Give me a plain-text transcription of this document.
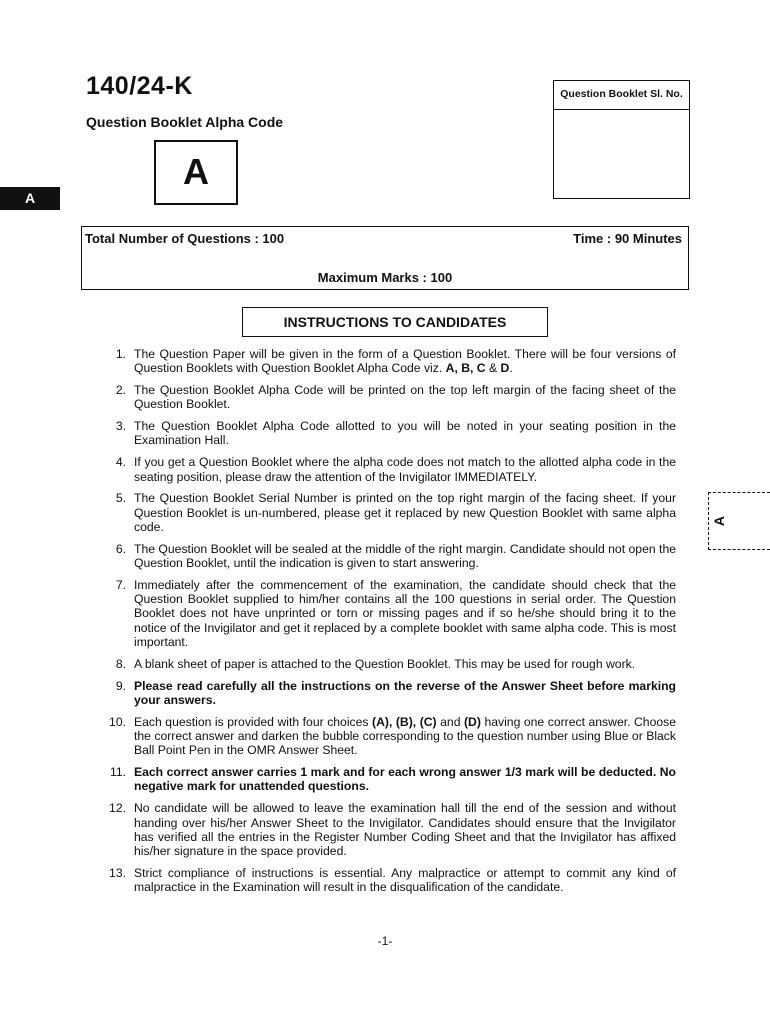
140/24-K
Question Booklet Alpha Code
A
A
Question Booklet Sl. No.
Total Number of Questions : 100	Time : 90 Minutes
Maximum Marks : 100
INSTRUCTIONS TO CANDIDATES
1. The Question Paper will be given in the form of a Question Booklet. There will be four versions of Question Booklets with Question Booklet Alpha Code viz. A, B, C & D.
2. The Question Booklet Alpha Code will be printed on the top left margin of the facing sheet of the Question Booklet.
3. The Question Booklet Alpha Code allotted to you will be noted in your seating position in the Examination Hall.
4. If you get a Question Booklet where the alpha code does not match to the allotted alpha code in the seating position, please draw the attention of the Invigilator IMMEDIATELY.
5. The Question Booklet Serial Number is printed on the top right margin of the facing sheet. If your Question Booklet is un-numbered, please get it replaced by new Question Booklet with same alpha code.
6. The Question Booklet will be sealed at the middle of the right margin. Candidate should not open the Question Booklet, until the indication is given to start answering.
7. Immediately after the commencement of the examination, the candidate should check that the Question Booklet supplied to him/her contains all the 100 questions in serial order. The Question Booklet does not have unprinted or torn or missing pages and if so he/she should bring it to the notice of the Invigilator and get it replaced by a complete booklet with same alpha code. This is most important.
8. A blank sheet of paper is attached to the Question Booklet. This may be used for rough work.
9. Please read carefully all the instructions on the reverse of the Answer Sheet before marking your answers.
10. Each question is provided with four choices (A), (B), (C) and (D) having one correct answer. Choose the correct answer and darken the bubble corresponding to the question number using Blue or Black Ball Point Pen in the OMR Answer Sheet.
11. Each correct answer carries 1 mark and for each wrong answer 1/3 mark will be deducted. No negative mark for unattended questions.
12. No candidate will be allowed to leave the examination hall till the end of the session and without handing over his/her Answer Sheet to the Invigilator. Candidates should ensure that the Invigilator has verified all the entries in the Register Number Coding Sheet and that the Invigilator has affixed his/her signature in the space provided.
13. Strict compliance of instructions is essential. Any malpractice or attempt to commit any kind of malpractice in the Examination will result in the disqualification of the candidate.
-1-
A
